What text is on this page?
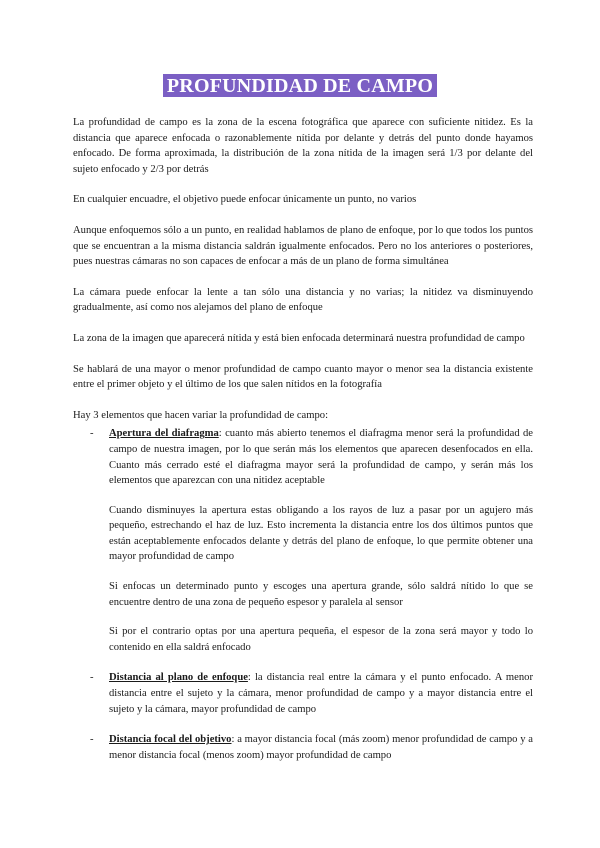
PROFUNDIDAD DE CAMPO

La profundidad de campo es la zona de la escena fotográfica que aparece con suficiente nitidez. Es la distancia que aparece enfocada o razonablemente nítida por delante y detrás del punto donde hayamos enfocado. De forma aproximada, la distribución de la zona nítida de la imagen será 1/3 por delante del sujeto enfocado y 2/3 por detrás

En cualquier encuadre, el objetivo puede enfocar únicamente un punto, no varios

Aunque enfoquemos sólo a un punto, en realidad hablamos de plano de enfoque, por lo que todos los puntos que se encuentran a la misma distancia saldrán igualmente enfocados. Pero no los anteriores o posteriores, pues nuestras cámaras no son capaces de enfocar a más de un plano de forma simultánea

La cámara puede enfocar la lente a tan sólo una distancia y no varias; la nitidez va disminuyendo gradualmente, así como nos alejamos del plano de enfoque

La zona de la imagen que aparecerá nítida y está bien enfocada determinará nuestra profundidad de campo

Se hablará de una mayor o menor profundidad de campo cuanto mayor o menor sea la distancia existente entre el primer objeto y el último de los que salen nítidos en la fotografía

Hay 3 elementos que hacen variar la profundidad de campo:

- Apertura del diafragma: cuanto más abierto tenemos el diafragma menor será la profundidad de campo de nuestra imagen, por lo que serán más los elementos que aparecen desenfocados en ella. Cuanto más cerrado esté el diafragma mayor será la profundidad de campo, y serán más los elementos que aparezcan con una nitidez aceptable

Cuando disminuyes la apertura estas obligando a los rayos de luz a pasar por un agujero más pequeño, estrechando el haz de luz. Esto incrementa la distancia entre los dos últimos puntos que están aceptablemente enfocados delante y detrás del plano de enfoque, lo que permite obtener una mayor profundidad de campo

Si enfocas un determinado punto y escoges una apertura grande, sólo saldrá nítido lo que se encuentre dentro de una zona de pequeño espesor y paralela al sensor

Si por el contrario optas por una apertura pequeña, el espesor de la zona será mayor y todo lo contenido en ella saldrá enfocado

- Distancia al plano de enfoque: la distancia real entre la cámara y el punto enfocado. A menor distancia entre el sujeto y la cámara, menor profundidad de campo y a mayor distancia entre el sujeto y la cámara, mayor profundidad de campo
- Distancia focal del objetivo: a mayor distancia focal (más zoom) menor profundidad de campo y a menor distancia focal (menos zoom) mayor profundidad de campo
